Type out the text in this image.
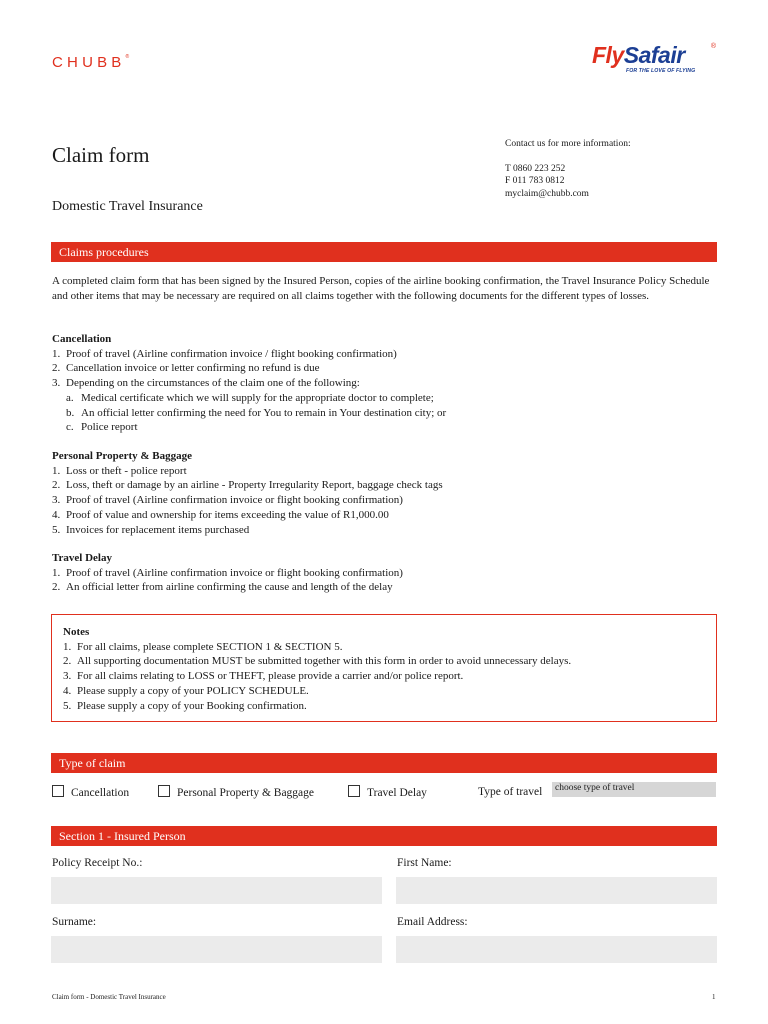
CHUBB®	FlySafair
FOR THE LOVE OF FLYING
®
Claim form
Domestic Travel Insurance
Contact us for more information:
T 0860 223 252
F 011 783 0812
myclaim@chubb.com
Claims procedures
A completed claim form that has been signed by the Insured Person, copies of the airline booking confirmation, the Travel Insurance Policy Schedule and other items that may be necessary are required on all claims together with the following documents for the different types of losses.
Cancellation
1. Proof of travel (Airline confirmation invoice / flight booking confirmation)
2. Cancellation invoice or letter confirming no refund is due
3. Depending on the circumstances of the claim one of the following:
a. Medical certificate which we will supply for the appropriate doctor to complete;
b. An official letter confirming the need for You to remain in Your destination city; or
c. Police report
Personal Property & Baggage
1. Loss or theft - police report
2. Loss, theft or damage by an airline - Property Irregularity Report, baggage check tags
3. Proof of travel (Airline confirmation invoice or flight booking confirmation)
4. Proof of value and ownership for items exceeding the value of R1,000.00
5. Invoices for replacement items purchased
Travel Delay
1. Proof of travel (Airline confirmation invoice or flight booking confirmation)
2. An official letter from airline confirming the cause and length of the delay
Notes
1. For all claims, please complete SECTION 1 & SECTION 5.
2. All supporting documentation MUST be submitted together with this form in order to avoid unnecessary delays.
3. For all claims relating to LOSS or THEFT, please provide a carrier and/or police report.
4. Please supply a copy of your POLICY SCHEDULE.
5. Please supply a copy of your Booking confirmation.
Type of claim
Cancellation	Personal Property & Baggage	Travel Delay	Type of travel	choose type of travel
Section 1 - Insured Person
Policy Receipt No.:	First Name:
Surname:	Email Address:
Claim form - Domestic Travel Insurance	1
